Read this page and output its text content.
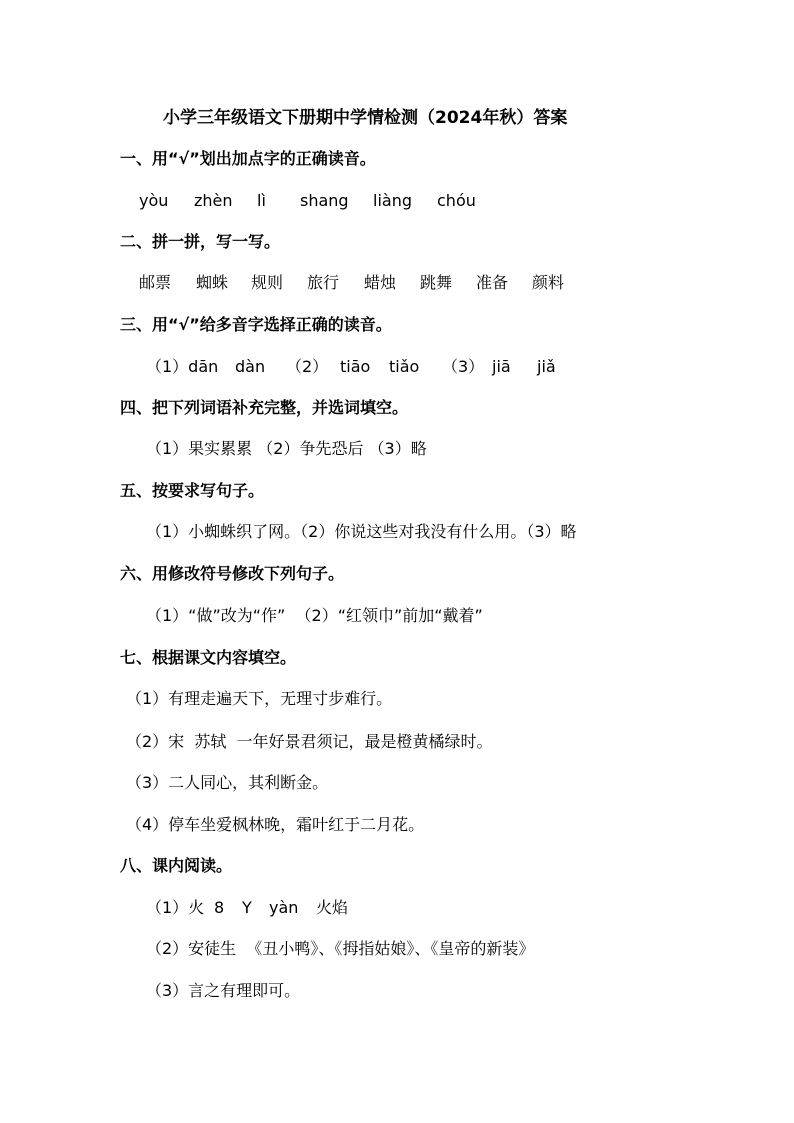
小学三年级语文下册期中学情检测（2024年秋）答案
一、用“√”划出加点字的正确读音。
yòu zhèn lì shang liàng chóu
二、拼一拼，写一写。
邮票 蜘蛛 规则 旅行 蜡烛 跳舞 准备 颜料
三、用“√”给多音字选择正确的读音。
（1）dān dàn （2） tiāo tiǎo （3） jiā jiǎ
四、把下列词语补充完整，并选词填空。
（1）果实累累 （2）争先恐后 （3）略
五、按要求写句子。
（1）小蜘蛛织了网。（2）你说这些对我没有什么用。（3）略
六、用修改符号修改下列句子。
（1）“做”改为“作”  （2）“红领巾”前加“戴着”
七、根据课文内容填空。
（1）有理走遍天下，无理寸步难行。
（2）宋  苏轼  一年好景君须记，最是橙黄橘绿时。
（3）二人同心，其利断金。
（4）停车坐爱枫林晚，霜叶红于二月花。
八、课内阅读。
（1）火 8 Y yàn 火焰
（2）安徒生  《丑小鸭》、《拇指姑娘》、《皇帝的新装》
（3）言之有理即可。
